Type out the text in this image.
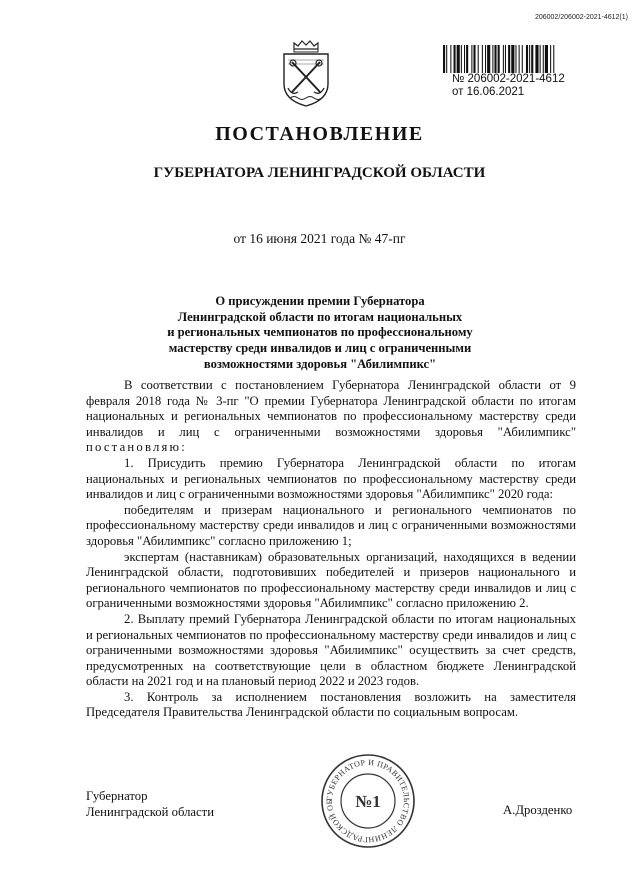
206002/206002-2021-4612(1)
№ 206002-2021-4612
от 16.06.2021
ПОСТАНОВЛЕНИЕ
ГУБЕРНАТОРА ЛЕНИНГРАДСКОЙ ОБЛАСТИ
от 16 июня 2021 года № 47-пг
О присуждении премии Губернатора
Ленинградской области по итогам национальных
и региональных чемпионатов по профессиональному
мастерству среди инвалидов и лиц с ограниченными
возможностями здоровья "Абилимпикс"

В соответствии с постановлением Губернатора Ленинградской области от 9 февраля 2018 года № 3-пг "О премии Губернатора Ленинградской области по итогам национальных и региональных чемпионатов по профессиональному мастерству среди инвалидов и лиц с ограниченными возможностями здоровья "Абилимпикс" постановляю:

1. Присудить премию Губернатора Ленинградской области по итогам национальных и региональных чемпионатов по профессиональному мастерству среди инвалидов и лиц с ограниченными возможностями здоровья "Абилимпикс" 2020 года:

победителям и призерам национального и регионального чемпионатов по профессиональному мастерству среди инвалидов и лиц с ограниченными возможностями здоровья "Абилимпикс" согласно приложению 1;

экспертам (наставникам) образовательных организаций, находящихся в ведении Ленинградской области, подготовивших победителей и призеров национального и регионального чемпионатов по профессиональному мастерству среди инвалидов и лиц с ограниченными возможностями здоровья "Абилимпикс" согласно приложению 2.

2. Выплату премий Губернатора Ленинградской области по итогам национальных и региональных чемпионатов по профессиональному мастерству среди инвалидов и лиц с ограниченными возможностями здоровья "Абилимпикс" осуществить за счет средств, предусмотренных на соответствующие цели в областном бюджете Ленинградской области на 2021 год и на плановый период 2022 и 2023 годов.

3. Контроль за исполнением постановления возложить на заместителя Председателя Правительства Ленинградской области по социальным вопросам.

Губернатор
Ленинградской области
ГУБЕРНАТОР И ПРАВИТЕЛЬСТВО ЛЕНИНГРАДСКОЙ ОБ	№1	А.Дрозденко
